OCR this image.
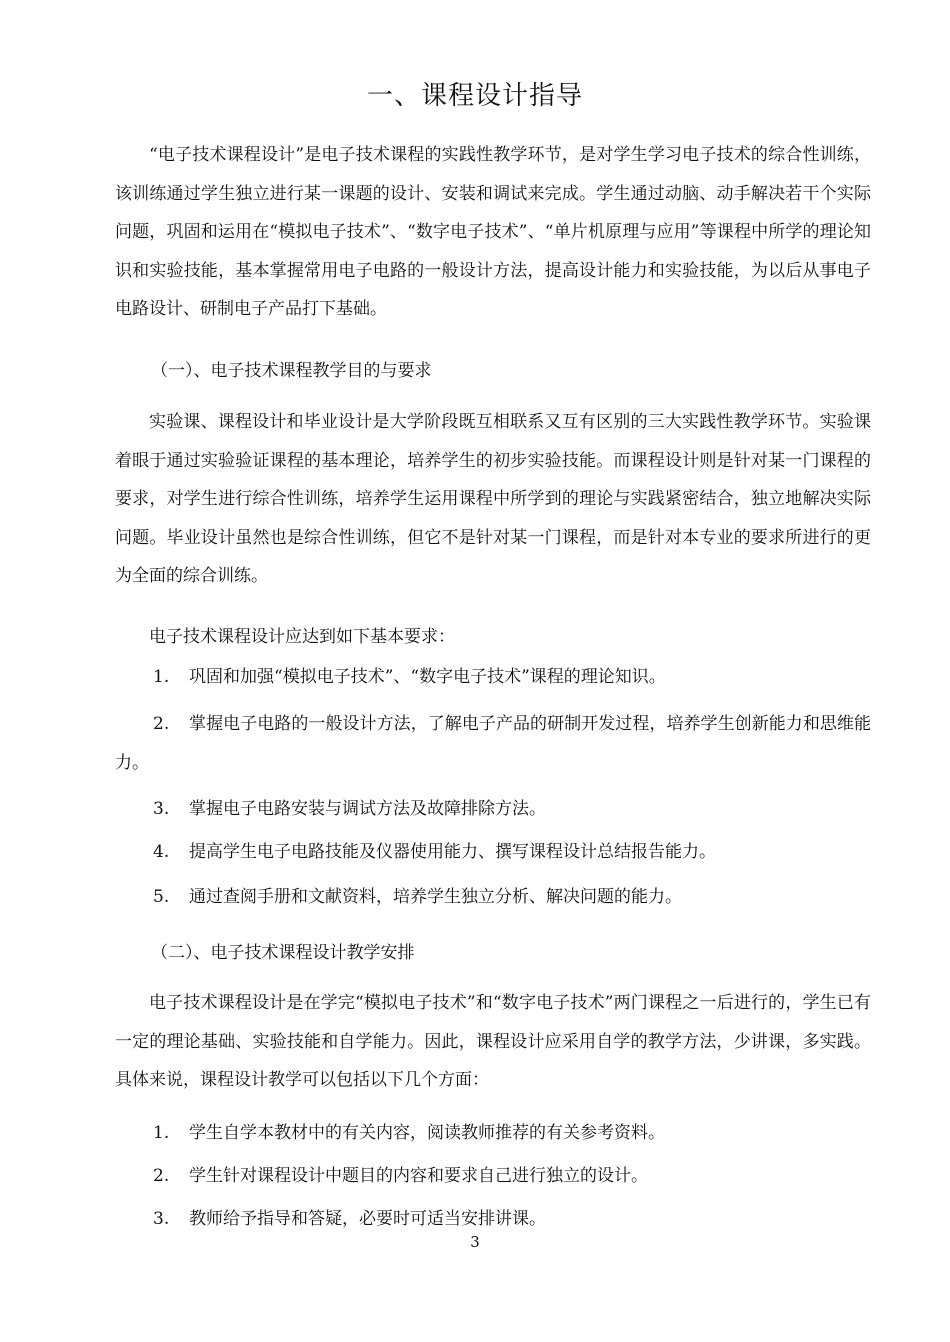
一、课程设计指导
“电子技术课程设计”是电子技术课程的实践性教学环节，是对学生学习电子技术的综合性训练，该训练通过学生独立进行某一课题的设计、安装和调试来完成。学生通过动脑、动手解决若干个实际问题，巩固和运用在“模拟电子技术”、“数字电子技术”、“单片机原理与应用”等课程中所学的理论知识和实验技能，基本掌握常用电子电路的一般设计方法，提高设计能力和实验技能，为以后从事电子电路设计、研制电子产品打下基础。
（一）、电子技术课程教学目的与要求
实验课、课程设计和毕业设计是大学阶段既互相联系又互有区别的三大实践性教学环节。实验课着眼于通过实验验证课程的基本理论，培养学生的初步实验技能。而课程设计则是针对某一门课程的要求，对学生进行综合性训练，培养学生运用课程中所学到的理论与实践紧密结合，独立地解决实际问题。毕业设计虽然也是综合性训练，但它不是针对某一门课程，而是针对本专业的要求所进行的更为全面的综合训练。
电子技术课程设计应达到如下基本要求：
1. 巩固和加强“模拟电子技术”、“数字电子技术”课程的理论知识。
2. 掌握电子电路的一般设计方法，了解电子产品的研制开发过程，培养学生创新能力和思维能力。
3. 掌握电子电路安装与调试方法及故障排除方法。
4. 提高学生电子电路技能及仪器使用能力、撰写课程设计总结报告能力。
5. 通过查阅手册和文献资料，培养学生独立分析、解决问题的能力。
（二）、电子技术课程设计教学安排
电子技术课程设计是在学完“模拟电子技术”和“数字电子技术”两门课程之一后进行的，学生已有一定的理论基础、实验技能和自学能力。因此，课程设计应采用自学的教学方法，少讲课，多实践。具体来说，课程设计教学可以包括以下几个方面：
1. 学生自学本教材中的有关内容，阅读教师推荐的有关参考资料。
2. 学生针对课程设计中题目的内容和要求自己进行独立的设计。
3. 教师给予指导和答疑，必要时可适当安排讲课。
3
